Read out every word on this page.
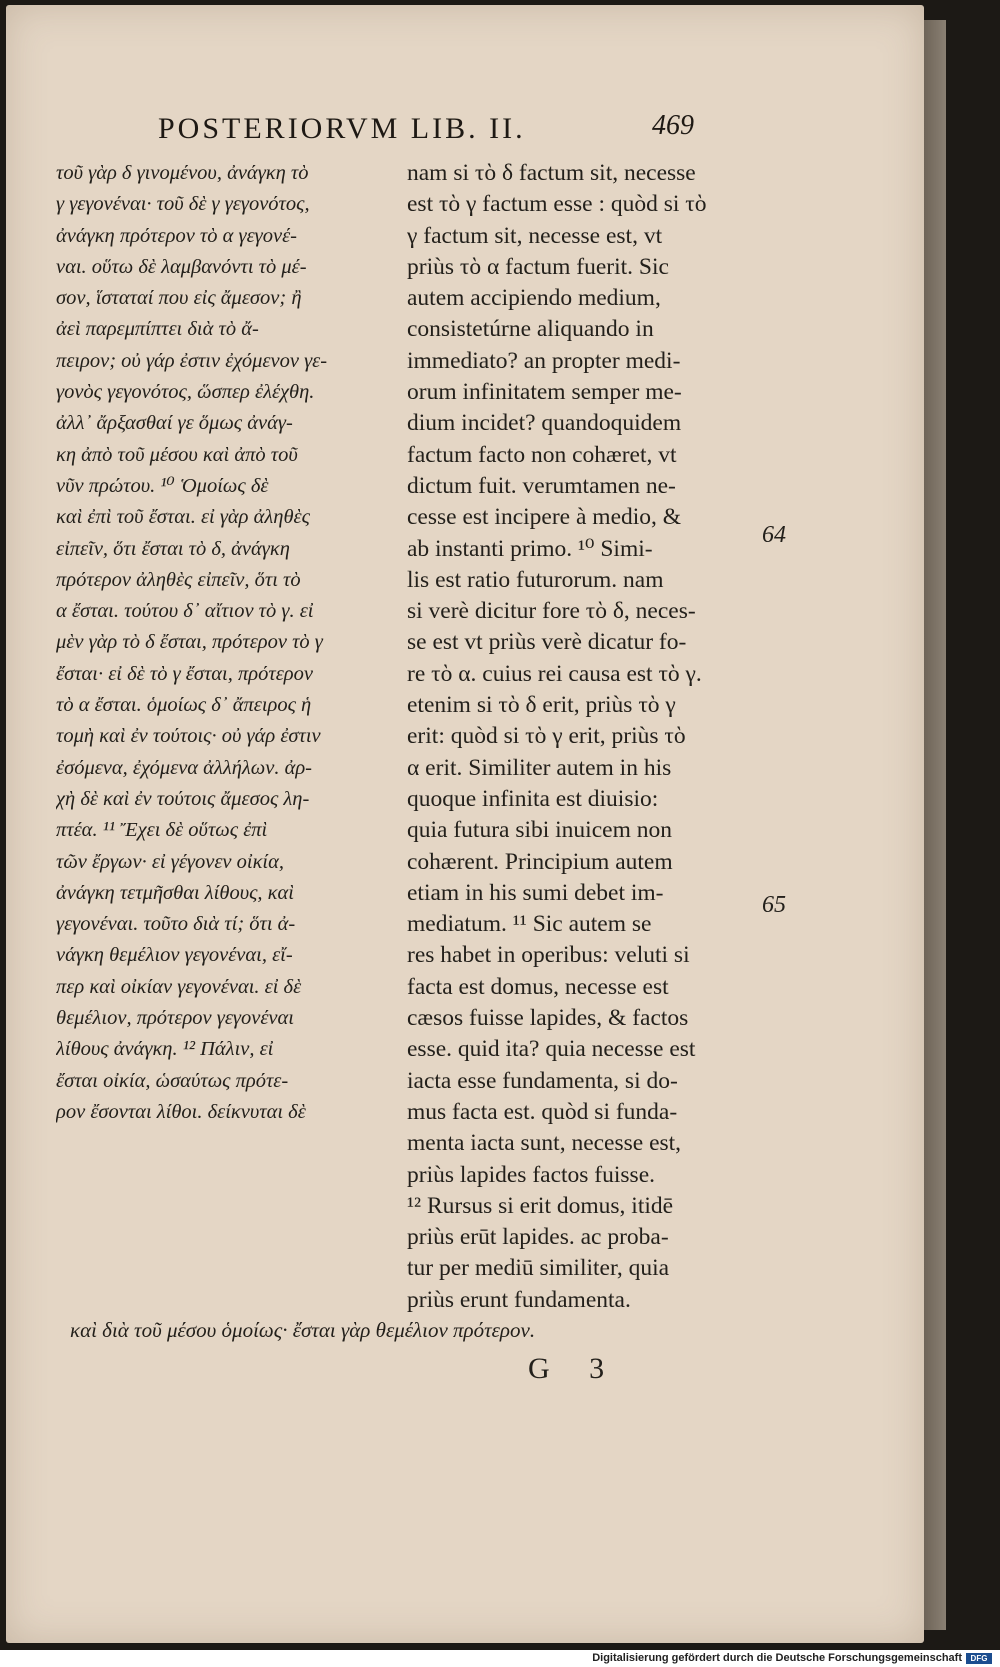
POSTERIORVM LIB. II.	469
τοῦ γὰρ δ γινομένου, ἀνάγκη τὸ
γ γεγονέναι· τοῦ δὲ γ γεγονότος,
ἀνάγκη πρότερον τὸ α γεγονέ-
ναι. οὕτω δὲ λαμβανόντι τὸ μέ-
σον, ἵσταταί που εἰς ἄμεσον; ἢ
ἀεὶ παρεμπίπτει διὰ τὸ ἄ-
πειρον; οὐ γάρ ἐστιν ἐχόμενον γε-
γονὸς γεγονότος, ὥσπερ ἐλέχθη.
ἀλλ᾽ ἄρξασθαί γε ὅμως ἀνάγ-
κη ἀπὸ τοῦ μέσου καὶ ἀπὸ τοῦ
νῦν πρώτου. ¹⁰ Ὁμοίως δὲ
καὶ ἐπὶ τοῦ ἔσται. εἰ γὰρ ἀληθὲς
εἰπεῖν, ὅτι ἔσται τὸ δ, ἀνάγκη
πρότερον ἀληθὲς εἰπεῖν, ὅτι τὸ
α ἔσται. τούτου δ᾽ αἴτιον τὸ γ. εἰ
μὲν γὰρ τὸ δ ἔσται, πρότερον τὸ γ
ἔσται· εἰ δὲ τὸ γ ἔσται, πρότερον
τὸ α ἔσται. ὁμοίως δ᾽ ἄπειρος ἡ
τομὴ καὶ ἐν τούτοις· οὐ γάρ ἐστιν
ἐσόμενα, ἐχόμενα ἀλλήλων. ἀρ-
χὴ δὲ καὶ ἐν τούτοις ἄμεσος λη-
πτέα. ¹¹ Ἔχει δὲ οὕτως ἐπὶ
τῶν ἔργων· εἰ γέγονεν οἰκία,
ἀνάγκη τετμῆσθαι λίθους, καὶ
γεγονέναι. τοῦτο διὰ τί; ὅτι ἀ-
νάγκη θεμέλιον γεγονέναι, εἴ-
περ καὶ οἰκίαν γεγονέναι. εἰ δὲ
θεμέλιον, πρότερον γεγονέναι
λίθους ἀνάγκη. ¹² Πάλιν, εἰ
ἔσται οἰκία, ὡσαύτως πρότε-
ρον ἔσονται λίθοι. δείκνυται δὲ
nam si τὸ δ factum sit, necesse
est τὸ γ factum esse : quòd si τὸ
γ factum sit, necesse est, vt
priùs τὸ α factum fuerit. Sic
autem accipiendo medium,
consistetúrne aliquando in
immediato? an propter medi-
orum infinitatem semper me-
dium incidet? quandoquidem
factum facto non cohæret, vt
dictum fuit. verumtamen ne-
cesse est incipere à medio, &
ab instanti primo. ¹⁰ Simi-
lis est ratio futurorum. nam
si verè dicitur fore τὸ δ, neces-
se est vt priùs verè dicatur fo-
re τὸ α. cuius rei causa est τὸ γ.
etenim si τὸ δ erit, priùs τὸ γ
erit: quòd si τὸ γ erit, priùs τὸ
α erit. Similiter autem in his
quoque infinita est diuisio:
quia futura sibi inuicem non
cohærent. Principium autem
etiam in his sumi debet im-
mediatum. ¹¹ Sic autem se
res habet in operibus: veluti si
facta est domus, necesse est
cæsos fuisse lapides, & factos
esse. quid ita? quia necesse est
iacta esse fundamenta, si do-
mus facta est. quòd si funda-
menta iacta sunt, necesse est,
priùs lapides factos fuisse.
¹² Rursus si erit domus, itidē
priùs erūt lapides. ac proba-
tur per mediū similiter, quia
priùs erunt fundamenta.
64
65
καὶ διὰ τοῦ μέσου ὁμοίως· ἔσται γὰρ θεμέλιον πρότερον.
G 3
Digitalisierung gefördert durch die Deutsche Forschungsgemeinschaft	DFG
